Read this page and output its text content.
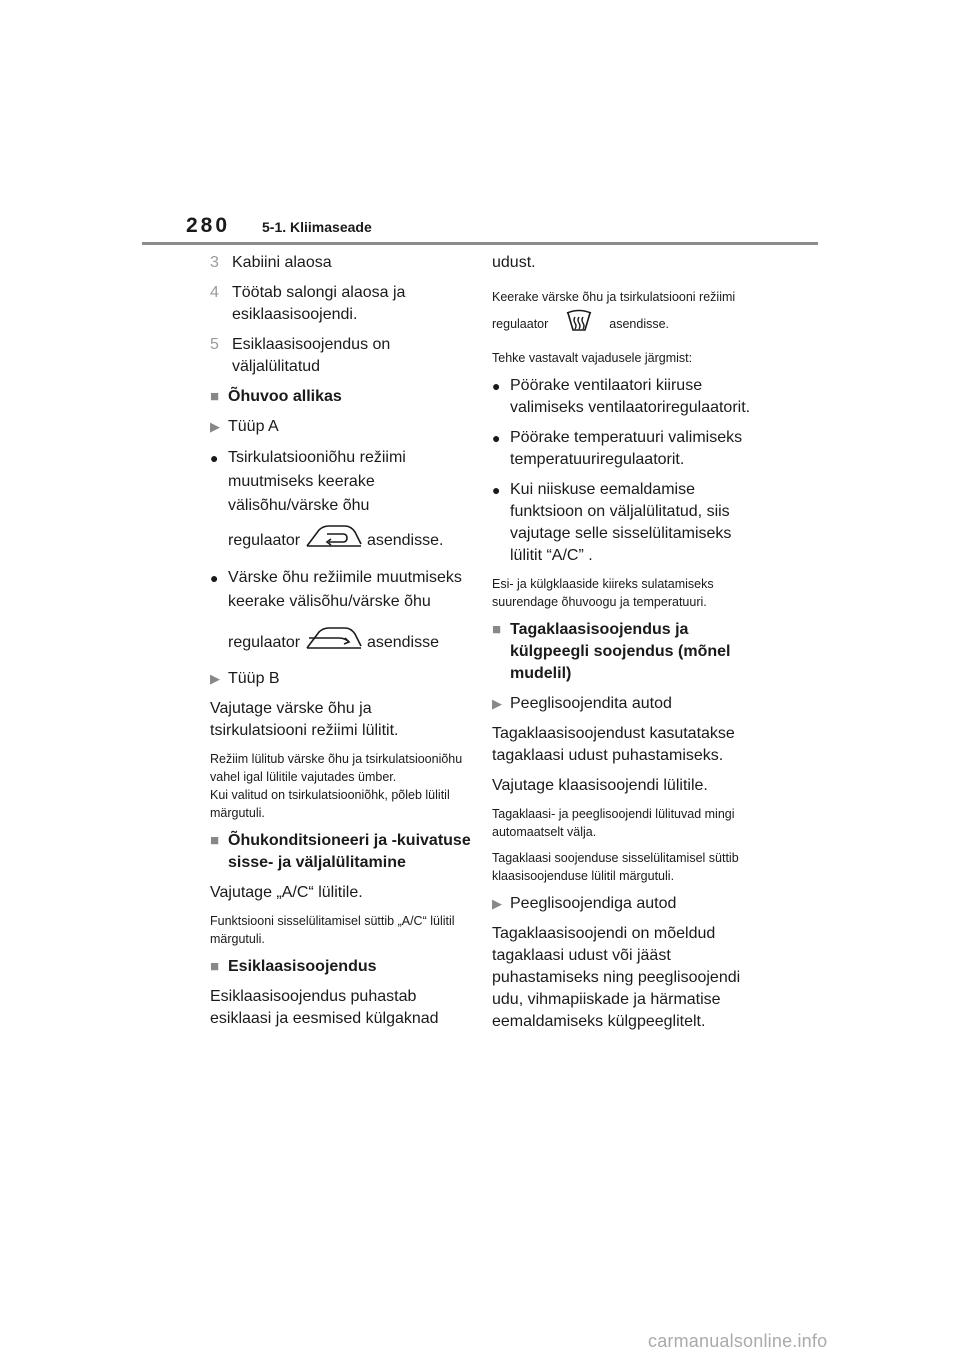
280 5-1. Kliimaseade
3 Kabiini alaosa
4 Töötab salongi alaosa ja esiklaasisoojendi.
5 Esiklaasisoojendus on väljalülitatud
■ Õhuvoo allikas
▶ Tüüp A
● Tsirkulatsiooniõhu režiimi
muutmiseks keerake
välisõhu/värske õhu
regulaator	asendisse.
● Värske õhu režiimile muutmiseks
keerake välisõhu/värske õhu
regulaator	asendisse
▶ Tüüp B
Vajutage värske õhu ja tsirkulatsiooni režiimi lülitit.
Režiim lülitub värske õhu ja tsirkulatsiooniõhu vahel igal lülitile vajutades ümber.
Kui valitud on tsirkulatsiooniõhk, põleb lülitil märgutuli.
■ Õhukonditsioneeri ja -kuivatuse sisse- ja väljalülitamine
Vajutage „A/C“ lülitile.
Funktsiooni sisselülitamisel süttib „A/C“ lülitil märgutuli.
■ Esiklaasisoojendus
Esiklaasisoojendus puhastab esiklaasi ja eesmised külgaknad
udust.
Keerake värske õhu ja tsirkulatsiooni režiimi regulaator	asendisse.
Tehke vastavalt vajadusele järgmist:
● Pöörake ventilaatori kiiruse valimiseks ventilaatoriregulaatorit.
● Pöörake temperatuuri valimiseks temperatuuriregulaatorit.
● Kui niiskuse eemaldamise funktsioon on väljalülitatud, siis vajutage selle sisselülitamiseks lülitit “A/C” .
Esi- ja külgklaaside kiireks sulatamiseks suurendage õhuvoogu ja temperatuuri.
■ Tagaklaasisoojendus ja külgpeegli soojendus (mõnel mudelil)
▶ Peeglisoojendita autod
Tagaklaasisoojendust kasutatakse tagaklaasi udust puhastamiseks.
Vajutage klaasisoojendi lülitile.
Tagaklaasi- ja peeglisoojendi lülituvad mingi automaatselt välja.
Tagaklaasi soojenduse sisselülitamisel süttib klaasisoojenduse lülitil märgutuli.
▶ Peeglisoojendiga autod
Tagaklaasisoojendi on mõeldud tagaklaasi udust või jääst puhastamiseks ning peeglisoojendi udu, vihmapiiskade ja härmatise eemaldamiseks külgpeeglitelt.
carmanualsonline.info
